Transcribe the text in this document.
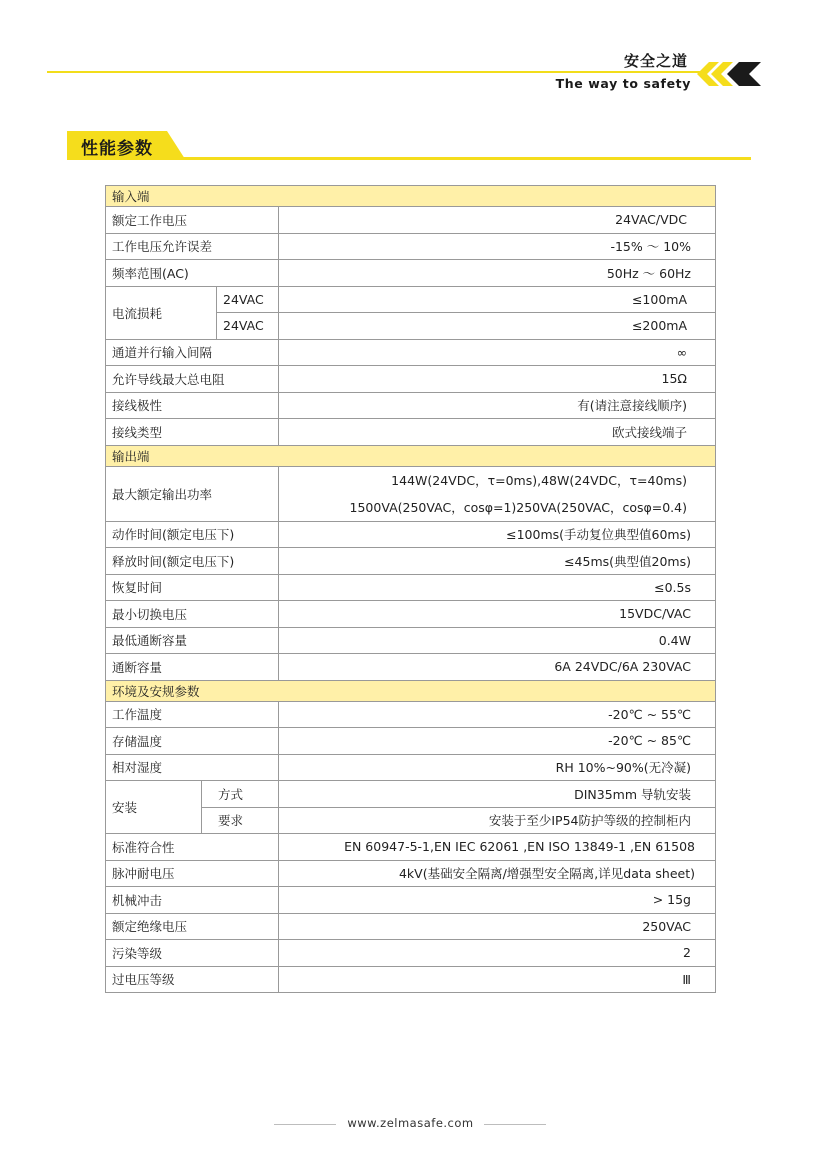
安全之道
The way to safety
性能参数
输入端			
额定工作电压			24VAC/VDC
工作电压允许误差			-15% ～ 10%
频率范围(AC)			50Hz ～ 60Hz
电流损耗		24VAC	≤100mA
		24VAC	≤200mA
通道并行输入间隔			∞
允许导线最大总电阻			15Ω
接线极性			有(请注意接线顺序)
接线类型			欧式接线端子
输出端			
最大额定输出功率			144W(24VDC，τ=0ms),48W(24VDC，τ=40ms)
1500VA(250VAC，cosφ=1)250VA(250VAC，cosφ=0.4)

动作时间(额定电压下)			≤100ms(手动复位典型值60ms)
释放时间(额定电压下)			≤45ms(典型值20ms)
恢复时间			≤0.5s
最小切换电压			15VDC/VAC
最低通断容量			0.4W
通断容量			6A 24VDC/6A 230VAC
环境及安规参数			
工作温度			-20℃ ~ 55℃
存储温度			-20℃ ~ 85℃
相对湿度			RH 10%~90%(无冷凝)
安装	方式		DIN35mm 导轨安装
	要求		安装于至少IP54防护等级的控制柜内
标准符合性			EN 60947-5-1,EN IEC 62061 ,EN ISO 13849-1 ,EN 61508
脉冲耐电压			4kV(基础安全隔离/增强型安全隔离,详见data sheet)
机械冲击			> 15g
额定绝缘电压			250VAC
污染等级			2
过电压等级			Ⅲ
www.zelmasafe.com
